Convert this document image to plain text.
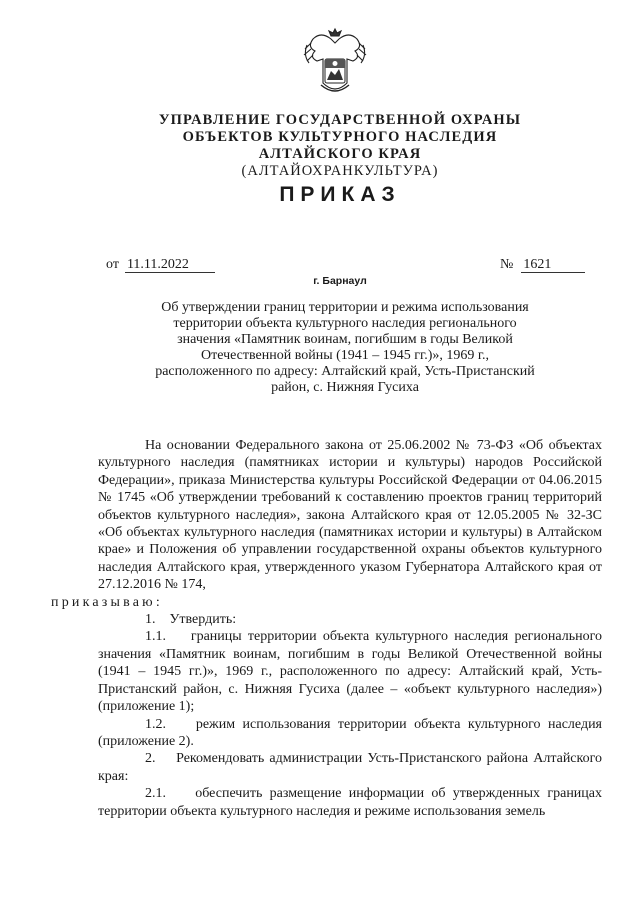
УПРАВЛЕНИЕ ГОСУДАРСТВЕННОЙ ОХРАНЫ
ОБЪЕКТОВ КУЛЬТУРНОГО НАСЛЕДИЯ
АЛТАЙСКОГО КРАЯ
(АЛТАЙОХРАНКУЛЬТУРА)
ПРИКАЗ
от 11.11.2022	№ 1621
г. Барнаул
Об утверждении границ территории и режима использования
территории объекта культурного наследия регионального
значения «Памятник воинам, погибшим в годы Великой
Отечественной войны (1941 – 1945 гг.)», 1969 г.,
расположенного по адресу: Алтайский край, Усть-Пристанский
район, с. Нижняя Гусиха

На основании Федерального закона от 25.06.2002 № 73-ФЗ «Об объектах культурного наследия (памятниках истории и культуры) народов Российской Федерации», приказа Министерства культуры Российской Федерации от 04.06.2015 № 1745 «Об утверждении требований к составлению проектов границ территорий объектов культурного наследия», закона Алтайского края от 12.05.2005 № 32-ЗС «Об объектах культурного наследия (памятниках истории и культуры) в Алтайском крае» и Положения об управлении государственной охраны объектов культурного наследия Алтайского края, утвержденного указом Губернатора Алтайского края от 27.12.2016 № 174,
приказываю:

1. Утвердить:

1.1. границы территории объекта культурного наследия регионального значения «Памятник воинам, погибшим в годы Великой Отечественной войны (1941 – 1945 гг.)», 1969 г., расположенного по адресу: Алтайский край, Усть-Пристанский район, с. Нижняя Гусиха (далее – «объект культурного наследия») (приложение 1);

1.2. режим использования территории объекта культурного наследия (приложение 2).

2. Рекомендовать администрации Усть-Пристанского района Алтайского края:

2.1. обеспечить размещение информации об утвержденных границах территории объекта культурного наследия и режиме использования земель
